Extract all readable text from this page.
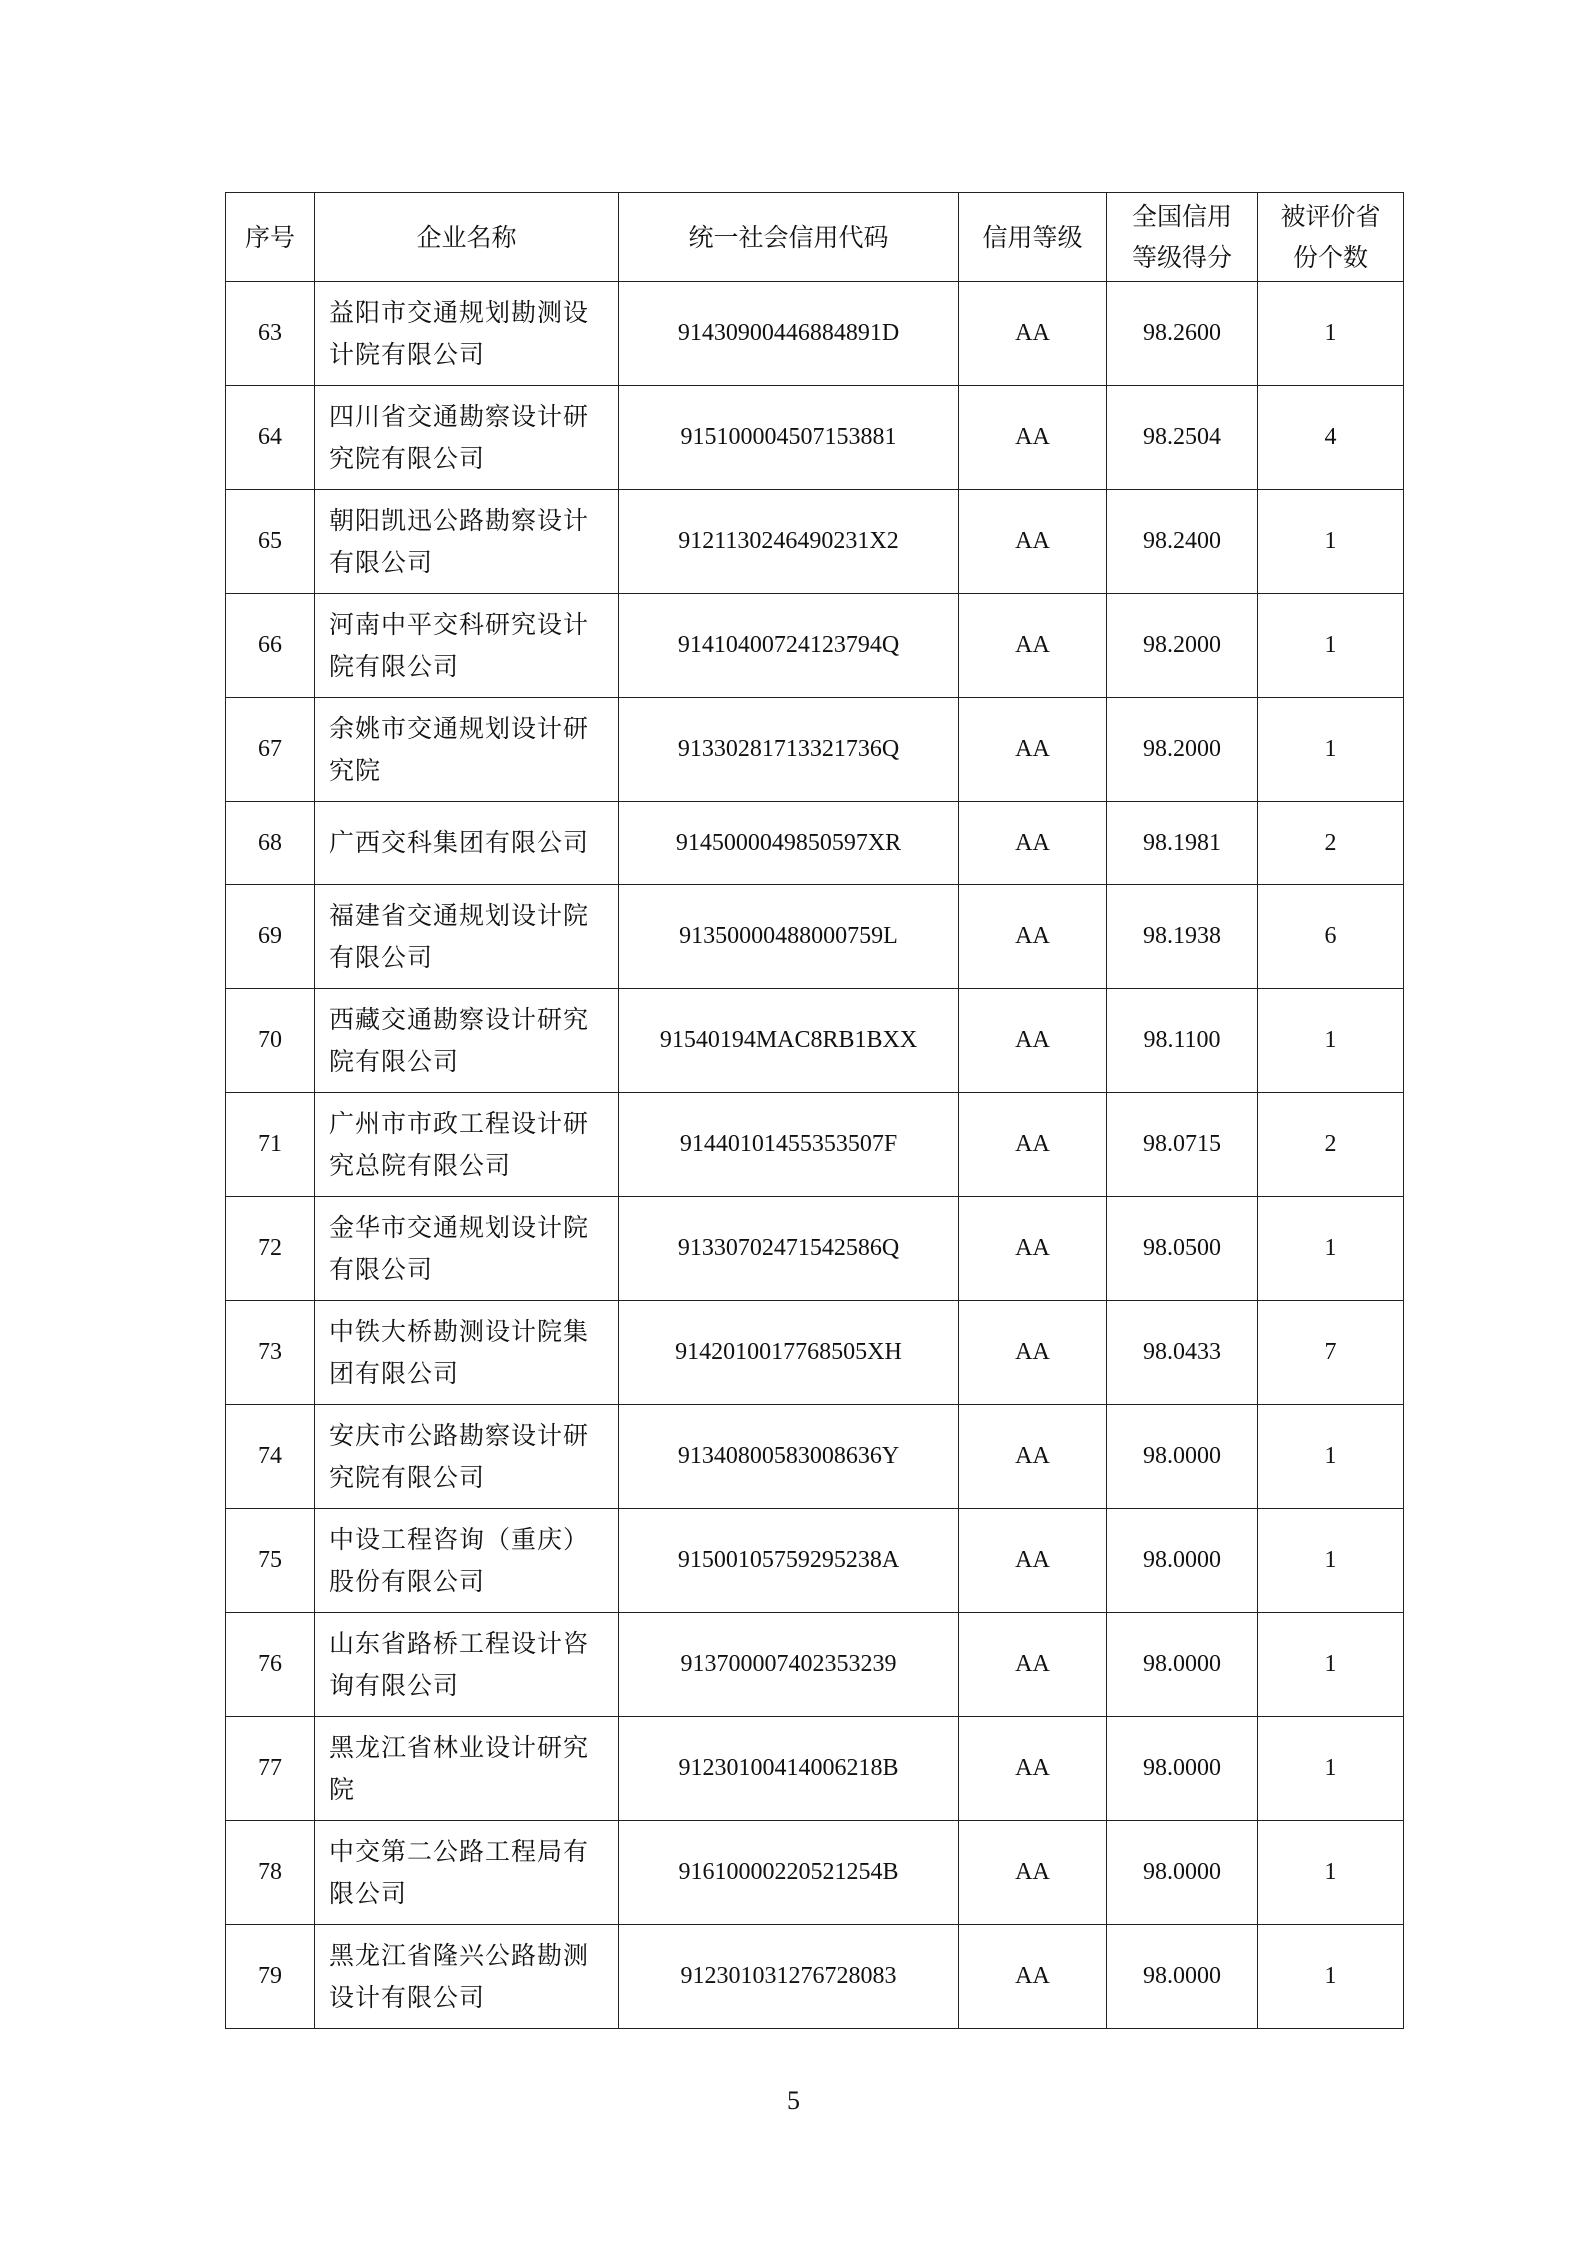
序号	企业名称	统一社会信用代码	信用等级	全国信用等级得分	被评价省份个数
63	益阳市交通规划勘测设计院有限公司	91430900446884891D	AA	98.2600	1
64	四川省交通勘察设计研究院有限公司	915100004507153881	AA	98.2504	4
65	朝阳凯迅公路勘察设计有限公司	9121130246490231X2	AA	98.2400	1
66	河南中平交科研究设计院有限公司	91410400724123794Q	AA	98.2000	1
67	余姚市交通规划设计研究院	91330281713321736Q	AA	98.2000	1
68	广西交科集团有限公司	9145000049850597XR	AA	98.1981	2
69	福建省交通规划设计院有限公司	91350000488000759L	AA	98.1938	6
70	西藏交通勘察设计研究院有限公司	91540194MAC8RB1BXX	AA	98.1100	1
71	广州市市政工程设计研究总院有限公司	91440101455353507F	AA	98.0715	2
72	金华市交通规划设计院有限公司	91330702471542586Q	AA	98.0500	1
73	中铁大桥勘测设计院集团有限公司	9142010017768505XH	AA	98.0433	7
74	安庆市公路勘察设计研究院有限公司	91340800583008636Y	AA	98.0000	1
75	中设工程咨询（重庆）股份有限公司	91500105759295238A	AA	98.0000	1
76	山东省路桥工程设计咨询有限公司	913700007402353239	AA	98.0000	1
77	黑龙江省林业设计研究院	91230100414006218B	AA	98.0000	1
78	中交第二公路工程局有限公司	91610000220521254B	AA	98.0000	1
79	黑龙江省隆兴公路勘测设计有限公司	912301031276728083	AA	98.0000	1
5
